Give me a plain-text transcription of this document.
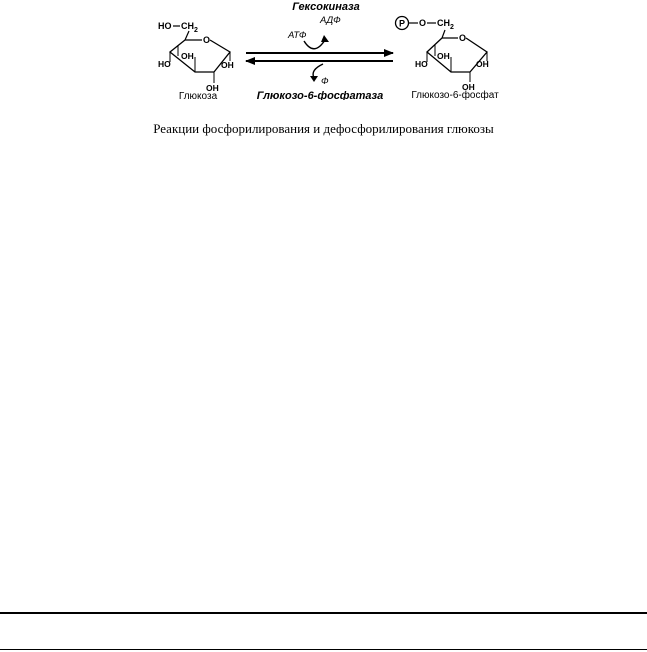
HO $CH_2$
O
OH
HO	OH
OH
Глюкоза
Гексокиназа
Глюкозо-6-фосфатаза
АТФ
АДФ
Ф
P O $CH_2$
O
OH
HO	OH
OH
Глюкозо-6-фосфат
Реакции фосфорилирования и дефосфорилирования глюкозы
